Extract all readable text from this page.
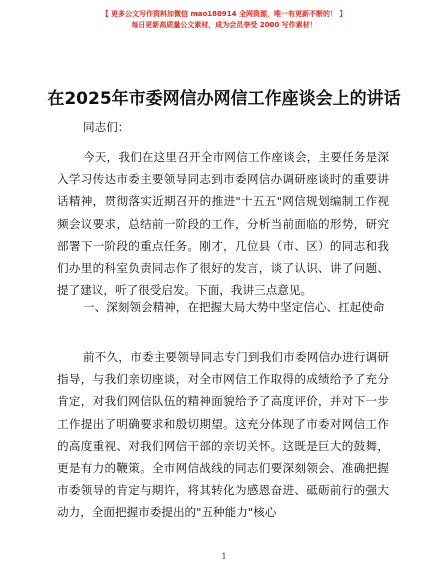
【 更多公文写作资料加微信 mao180914 全网资源，唯一有更新不断的！ 】
每日更新高质量公文素材，成为会员享受 2000 写作素材！
在2025年市委网信办网信工作座谈会上的讲话
同志们：
今天，我们在这里召开全市网信工作座谈会，主要任务是深入学习传达市委主要领导同志到市委网信办调研座谈时的重要讲话精神，贯彻落实近期召开的推进"十五五"网信规划编制工作视频会议要求，总结前一阶段的工作，分析当前面临的形势，研究部署下一阶段的重点任务。刚才，几位县（市、区）的同志和我们办里的科室负责同志作了很好的发言，谈了认识、讲了问题、提了建议，听了很受启发。下面，我讲三点意见。
一、深刻领会精神，在把握大局大势中坚定信心、扛起使命
前不久，市委主要领导同志专门到我们市委网信办进行调研指导，与我们亲切座谈，对全市网信工作取得的成绩给予了充分肯定，对我们网信队伍的精神面貌给予了高度评价，并对下一步工作提出了明确要求和殷切期望。这充分体现了市委对网信工作的高度重视、对我们网信干部的亲切关怀。这既是巨大的鼓舞，更是有力的鞭策。全市网信战线的同志们要深刻领会、准确把握市委领导的肯定与期许，将其转化为感恩奋进、砥砺前行的强大动力，全面把握市委提出的"五种能力"核心
1
